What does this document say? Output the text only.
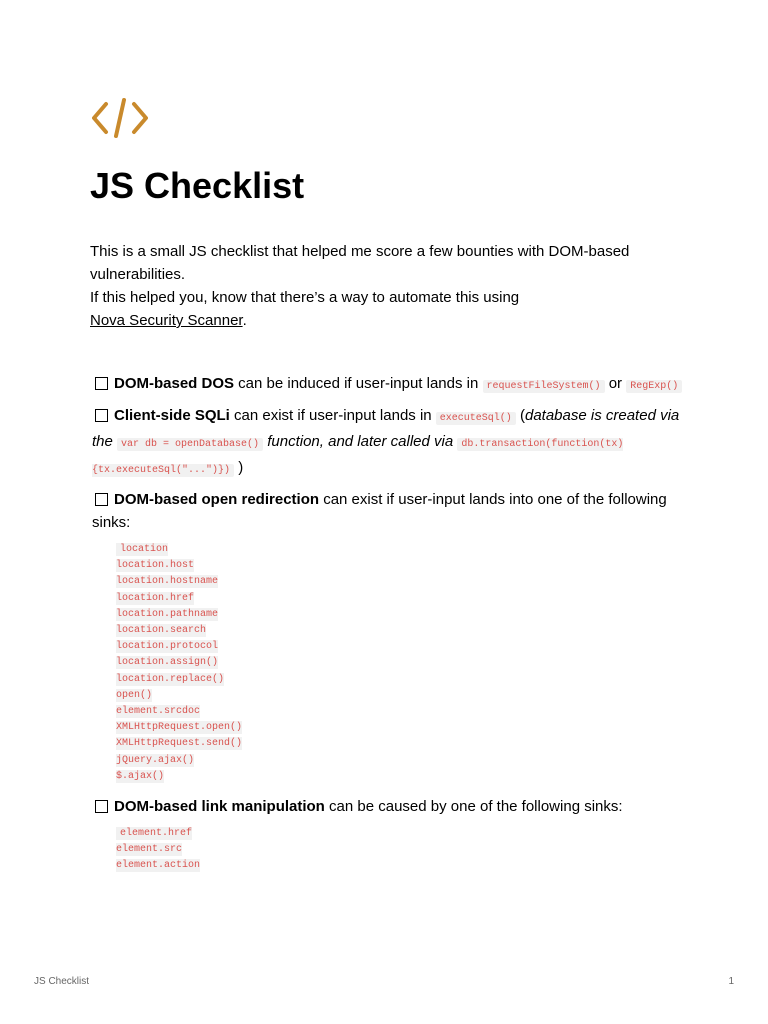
JS Checklist
This is a small JS checklist that helped me score a few bounties with DOM-based vulnerabilities.
If this helped you, know that there’s a way to automate this using
Nova Security Scanner.
DOM-based DOS can be induced if user-input lands in requestFileSystem() or RegExp()
Client-side SQLi can exist if user-input lands in executeSql() (database is created via the var db = openDatabase() function, and later called via db.transaction(function(tx){tx.executeSql("...")}) )
DOM-based open redirection can exist if user-input lands into one of the following sinks:
location
location.host
location.hostname
location.href
location.pathname
location.search
location.protocol
location.assign()
location.replace()
open()
element.srcdoc
XMLHttpRequest.open()
XMLHttpRequest.send()
jQuery.ajax()
$.ajax()
DOM-based link manipulation can be caused by one of the following sinks:
element.href
element.src
element.action
JS Checklist	1
